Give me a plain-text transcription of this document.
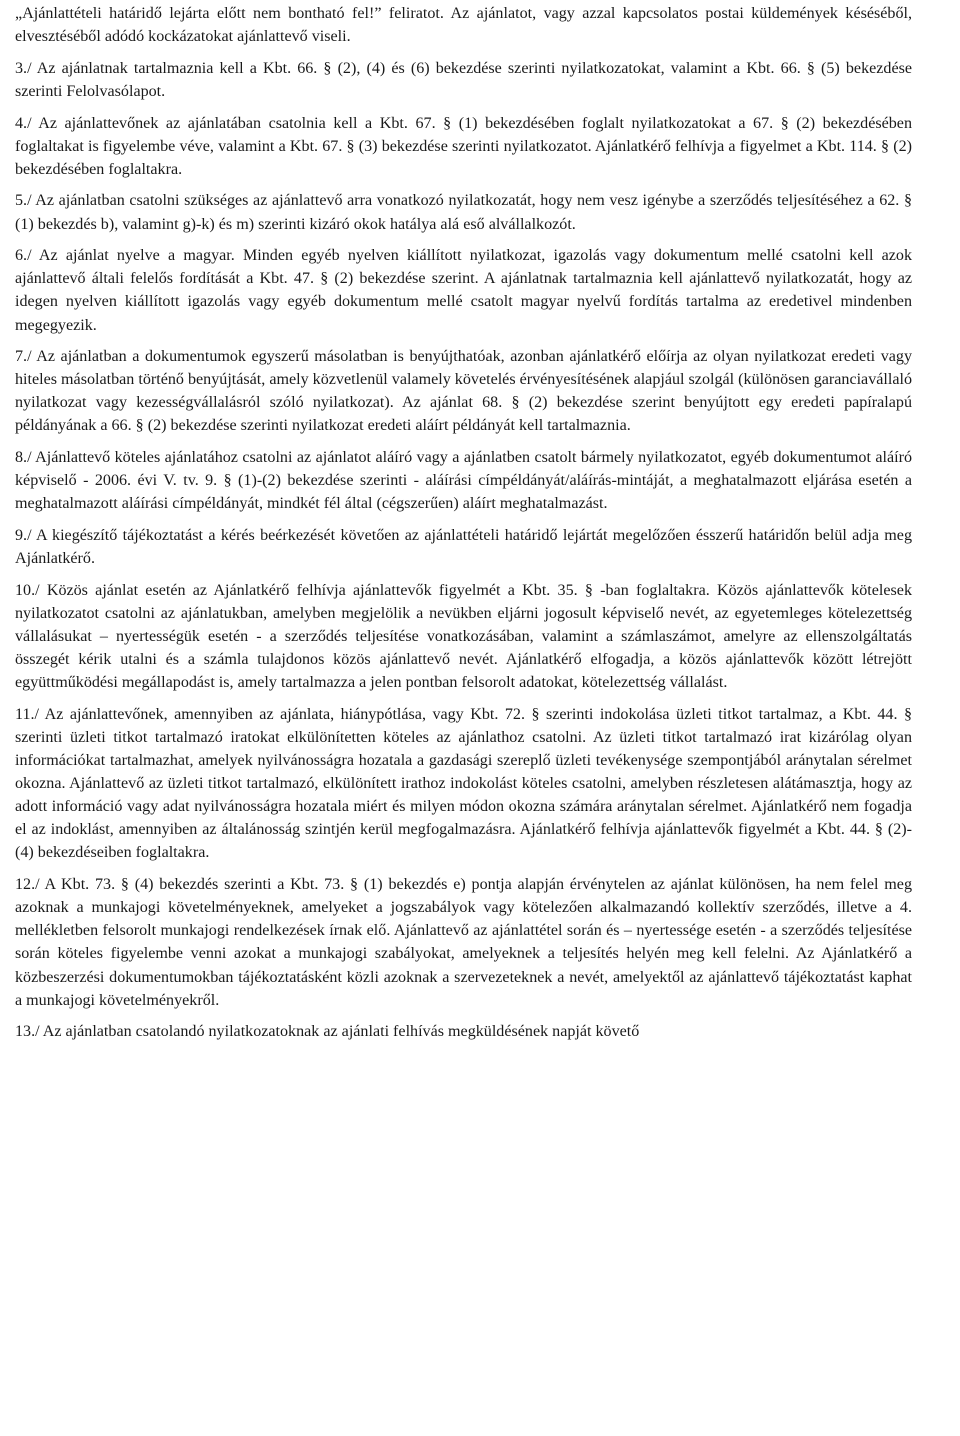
„Ajánlattételi határidő lejárta előtt nem bontható fel!” feliratot. Az ajánlatot, vagy azzal kapcsolatos postai küldemények késéséből, elvesztéséből adódó kockázatokat ajánlattevő viseli.

3./ Az ajánlatnak tartalmaznia kell a Kbt. 66. § (2), (4) és (6) bekezdése szerinti nyilatkozatokat, valamint a Kbt. 66. § (5) bekezdése szerinti Felolvasólapot.

4./ Az ajánlattevőnek az ajánlatában csatolnia kell a Kbt. 67. § (1) bekezdésében foglalt nyilatkozatokat a 67. § (2) bekezdésében foglaltakat is figyelembe véve, valamint a Kbt. 67. § (3) bekezdése szerinti nyilatkozatot. Ajánlatkérő felhívja a figyelmet a Kbt. 114. § (2) bekezdésében foglaltakra.

5./ Az ajánlatban csatolni szükséges az ajánlattevő arra vonatkozó nyilatkozatát, hogy nem vesz igénybe a szerződés teljesítéséhez a 62. § (1) bekezdés b), valamint g)-k) és m) szerinti kizáró okok hatálya alá eső alvállalkozót.

6./ Az ajánlat nyelve a magyar. Minden egyéb nyelven kiállított nyilatkozat, igazolás vagy dokumentum mellé csatolni kell azok ajánlattevő általi felelős fordítását a Kbt. 47. § (2) bekezdése szerint. A ajánlatnak tartalmaznia kell ajánlattevő nyilatkozatát, hogy az idegen nyelven kiállított igazolás vagy egyéb dokumentum mellé csatolt magyar nyelvű fordítás tartalma az eredetivel mindenben megegyezik.

7./ Az ajánlatban a dokumentumok egyszerű másolatban is benyújthatóak, azonban ajánlatkérő előírja az olyan nyilatkozat eredeti vagy hiteles másolatban történő benyújtását, amely közvetlenül valamely követelés érvényesítésének alapjául szolgál (különösen garanciavállaló nyilatkozat vagy kezességvállalásról szóló nyilatkozat). Az ajánlat 68. § (2) bekezdése szerint benyújtott egy eredeti papíralapú példányának a 66. § (2) bekezdése szerinti nyilatkozat eredeti aláírt példányát kell tartalmaznia.

8./ Ajánlattevő köteles ajánlatához csatolni az ajánlatot aláíró vagy a ajánlatben csatolt bármely nyilatkozatot, egyéb dokumentumot aláíró képviselő - 2006. évi V. tv. 9. § (1)-(2) bekezdése szerinti - aláírási címpéldányát/aláírás-mintáját, a meghatalmazott eljárása esetén a meghatalmazott aláírási címpéldányát, mindkét fél által (cégszerűen) aláírt meghatalmazást.

9./ A kiegészítő tájékoztatást a kérés beérkezését követően az ajánlattételi határidő lejártát megelőzően ésszerű határidőn belül adja meg Ajánlatkérő.

10./ Közös ajánlat esetén az Ajánlatkérő felhívja ajánlattevők figyelmét a Kbt. 35. § -ban foglaltakra. Közös ajánlattevők kötelesek nyilatkozatot csatolni az ajánlatukban, amelyben megjelölik a nevükben eljárni jogosult képviselő nevét, az egyetemleges kötelezettség vállalásukat – nyertességük esetén - a szerződés teljesítése vonatkozásában, valamint a számlaszámot, amelyre az ellenszolgáltatás összegét kérik utalni és a számla tulajdonos közös ajánlattevő nevét. Ajánlatkérő elfogadja, a közös ajánlattevők között létrejött együttműködési megállapodást is, amely tartalmazza a jelen pontban felsorolt adatokat, kötelezettség vállalást.

11./ Az ajánlattevőnek, amennyiben az ajánlata, hiánypótlása, vagy Kbt. 72. § szerinti indokolása üzleti titkot tartalmaz, a Kbt. 44. § szerinti üzleti titkot tartalmazó iratokat elkülönítetten köteles az ajánlathoz csatolni. Az üzleti titkot tartalmazó irat kizárólag olyan információkat tartalmazhat, amelyek nyilvánosságra hozatala a gazdasági szereplő üzleti tevékenysége szempontjából aránytalan sérelmet okozna. Ajánlattevő az üzleti titkot tartalmazó, elkülönített irathoz indokolást köteles csatolni, amelyben részletesen alátámasztja, hogy az adott információ vagy adat nyilvánosságra hozatala miért és milyen módon okozna számára aránytalan sérelmet. Ajánlatkérő nem fogadja el az indoklást, amennyiben az általánosság szintjén kerül megfogalmazásra. Ajánlatkérő felhívja ajánlattevők figyelmét a Kbt. 44. § (2)-(4) bekezdéseiben foglaltakra.

12./ A Kbt. 73. § (4) bekezdés szerinti a Kbt. 73. § (1) bekezdés e) pontja alapján érvénytelen az ajánlat különösen, ha nem felel meg azoknak a munkajogi követelményeknek, amelyeket a jogszabályok vagy kötelezően alkalmazandó kollektív szerződés, illetve a 4. mellékletben felsorolt munkajogi rendelkezések írnak elő. Ajánlattevő az ajánlattétel során és – nyertessége esetén - a szerződés teljesítése során köteles figyelembe venni azokat a munkajogi szabályokat, amelyeknek a teljesítés helyén meg kell felelni. Az Ajánlatkérő a közbeszerzési dokumentumokban tájékoztatásként közli azoknak a szervezeteknek a nevét, amelyektől az ajánlattevő tájékoztatást kaphat a munkajogi követelményekről.

13./ Az ajánlatban csatolandó nyilatkozatoknak az ajánlati felhívás megküldésének napját követő
